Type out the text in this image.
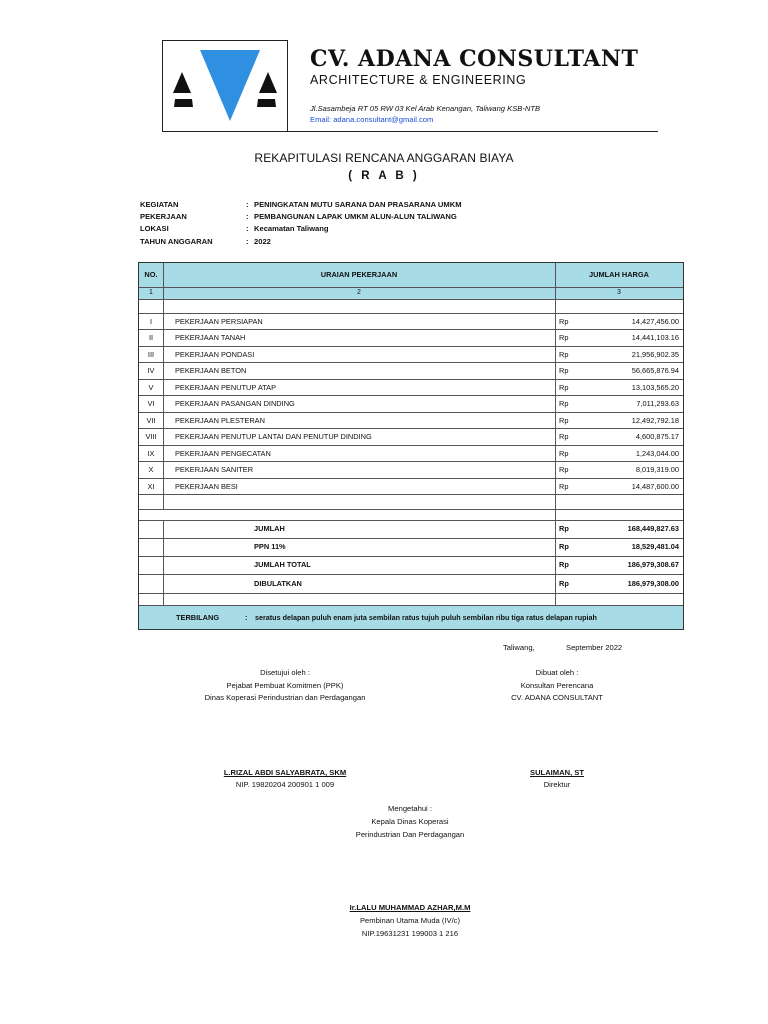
CV. ADANA CONSULTANT
ARCHITECTURE & ENGINEERING
Jl.Sasambeja RT 05 RW 03 Kel Arab Kenangan, Taliwang KSB-NTB
Email: adana.consultant@gmail.com
REKAPITULASI RENCANA ANGGARAN BIAYA
( R A B )
KEGIATAN	: PENINGKATAN MUTU SARANA DAN PRASARANA UMKM
PEKERJAAN	: PEMBANGUNAN LAPAK UMKM ALUN-ALUN TALIWANG
LOKASI	: Kecamatan Taliwang
TAHUN ANGGARAN	: 2022
NO.	URAIAN PEKERJAAN	JUMLAH HARGA
1	2	3
I	PEKERJAAN PERSIAPAN	Rp	14,427,456.00
II	PEKERJAAN TANAH	Rp	14,441,103.16
III	PEKERJAAN PONDASI	Rp	21,956,902.35
IV	PEKERJAAN BETON	Rp	56,665,876.94
V	PEKERJAAN PENUTUP ATAP	Rp	13,103,565.20
VI	PEKERJAAN PASANGAN DINDING	Rp	7,011,293.63
VII	PEKERJAAN PLESTERAN	Rp	12,492,792.18
VIII	PEKERJAAN PENUTUP LANTAI DAN PENUTUP DINDING	Rp	4,600,875.17
IX	PEKERJAAN PENGECATAN	Rp	1,243,044.00
X	PEKERJAAN SANITER	Rp	8,019,319.00
XI	PEKERJAAN BESI	Rp	14,487,600.00
JUMLAH	Rp	168,449,827.63
PPN 11%	Rp	18,529,481.04
JUMLAH TOTAL	Rp	186,979,308.67
DIBULATKAN	Rp	186,979,308.00
TERBILANG	: seratus delapan puluh enam juta sembilan ratus tujuh puluh sembilan ribu tiga ratus delapan rupiah
Taliwang,	September 2022
Disetujui oleh :
Pejabat Pembuat Komitmen (PPK)
Dinas Koperasi Perindustrian dan Perdagangan
L.RIZAL ABDI SALYABRATA, SKM
NIP. 19820204 200901 1 009
Dibuat oleh :
Konsultan Perencana
CV. ADANA CONSULTANT
SULAIMAN, ST
Direktur
Mengetahui :
Kepala Dinas Koperasi
Perindustrian Dan Perdagangan
Ir.LALU MUHAMMAD AZHAR,M.M
Pembinan Utama Muda (IV/c)
NIP.19631231 199003 1 216
